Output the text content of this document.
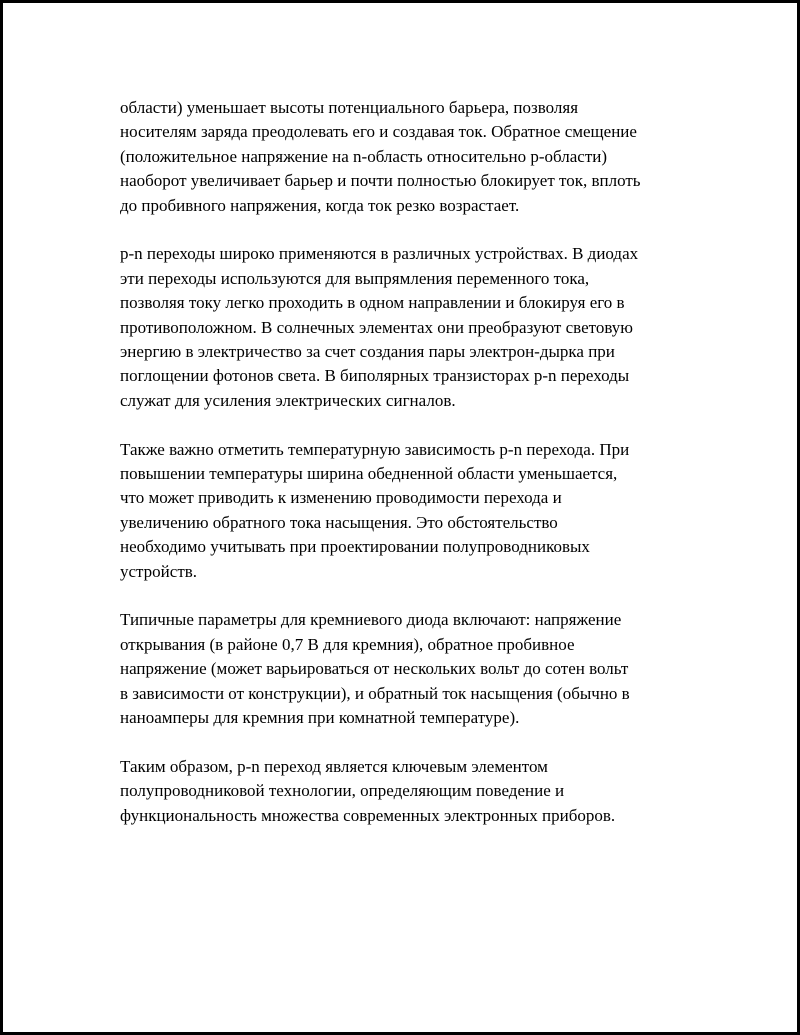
области) уменьшает высоты потенциального барьера, позволяя
носителям заряда преодолевать его и создавая ток. Обратное смещение
(положительное напряжение на n-область относительно p-области)
наоборот увеличивает барьер и почти полностью блокирует ток, вплоть
до пробивного напряжения, когда ток резко возрастает.

p-n переходы широко применяются в различных устройствах. В диодах
эти переходы используются для выпрямления переменного тока,
позволяя току легко проходить в одном направлении и блокируя его в
противоположном. В солнечных элементах они преобразуют световую
энергию в электричество за счет создания пары электрон-дырка при
поглощении фотонов света. В биполярных транзисторах p-n переходы
служат для усиления электрических сигналов.

Также важно отметить температурную зависимость p-n перехода. При
повышении температуры ширина обедненной области уменьшается,
что может приводить к изменению проводимости перехода и
увеличению обратного тока насыщения. Это обстоятельство
необходимо учитывать при проектировании полупроводниковых
устройств.

Типичные параметры для кремниевого диода включают: напряжение
открывания (в районе 0,7 В для кремния), обратное пробивное
напряжение (может варьироваться от нескольких вольт до сотен вольт
в зависимости от конструкции), и обратный ток насыщения (обычно в
наноамперы для кремния при комнатной температуре).

Таким образом, p-n переход является ключевым элементом
полупроводниковой технологии, определяющим поведение и
функциональность множества современных электронных приборов.
